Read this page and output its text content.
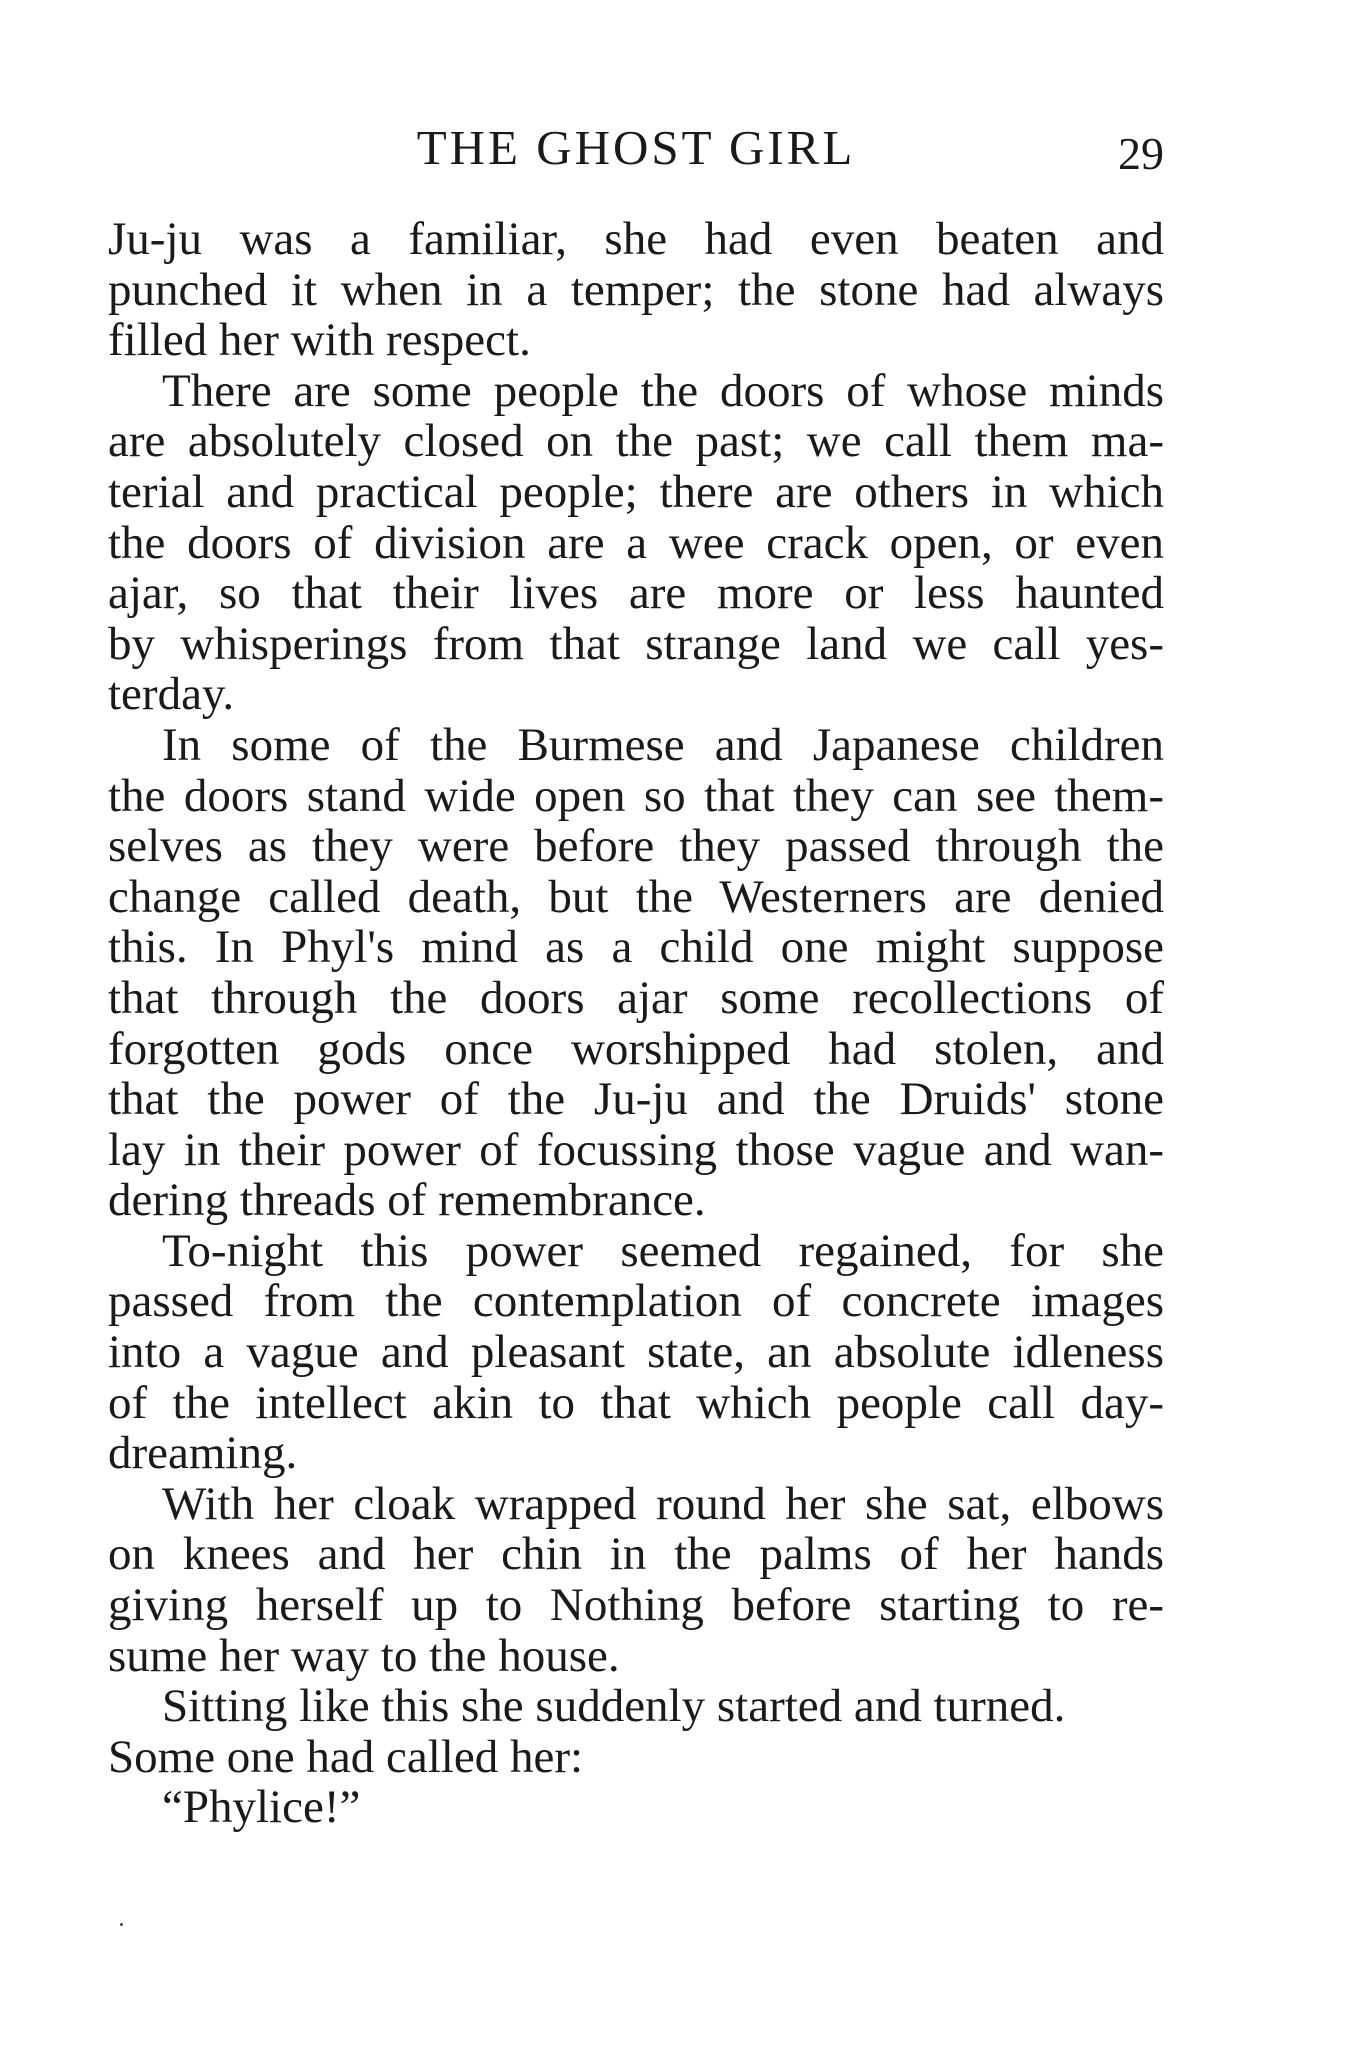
THE GHOST GIRL	29
Ju-ju was a familiar, she had even beaten and
punched it when in a temper; the stone had always
filled her with respect.
There are some people the doors of whose minds
are absolutely closed on the past; we call them ma-
terial and practical people; there are others in which
the doors of division are a wee crack open, or even
ajar, so that their lives are more or less haunted
by whisperings from that strange land we call yes-
terday.
In some of the Burmese and Japanese children
the doors stand wide open so that they can see them-
selves as they were before they passed through the
change called death, but the Westerners are denied
this. In Phyl's mind as a child one might suppose
that through the doors ajar some recollections of
forgotten gods once worshipped had stolen, and
that the power of the Ju-ju and the Druids' stone
lay in their power of focussing those vague and wan-
dering threads of remembrance.
To-night this power seemed regained, for she
passed from the contemplation of concrete images
into a vague and pleasant state, an absolute idleness
of the intellect akin to that which people call day-
dreaming.
With her cloak wrapped round her she sat, elbows
on knees and her chin in the palms of her hands
giving herself up to Nothing before starting to re-
sume her way to the house.
Sitting like this she suddenly started and turned.
Some one had called her:
“Phylice!”
